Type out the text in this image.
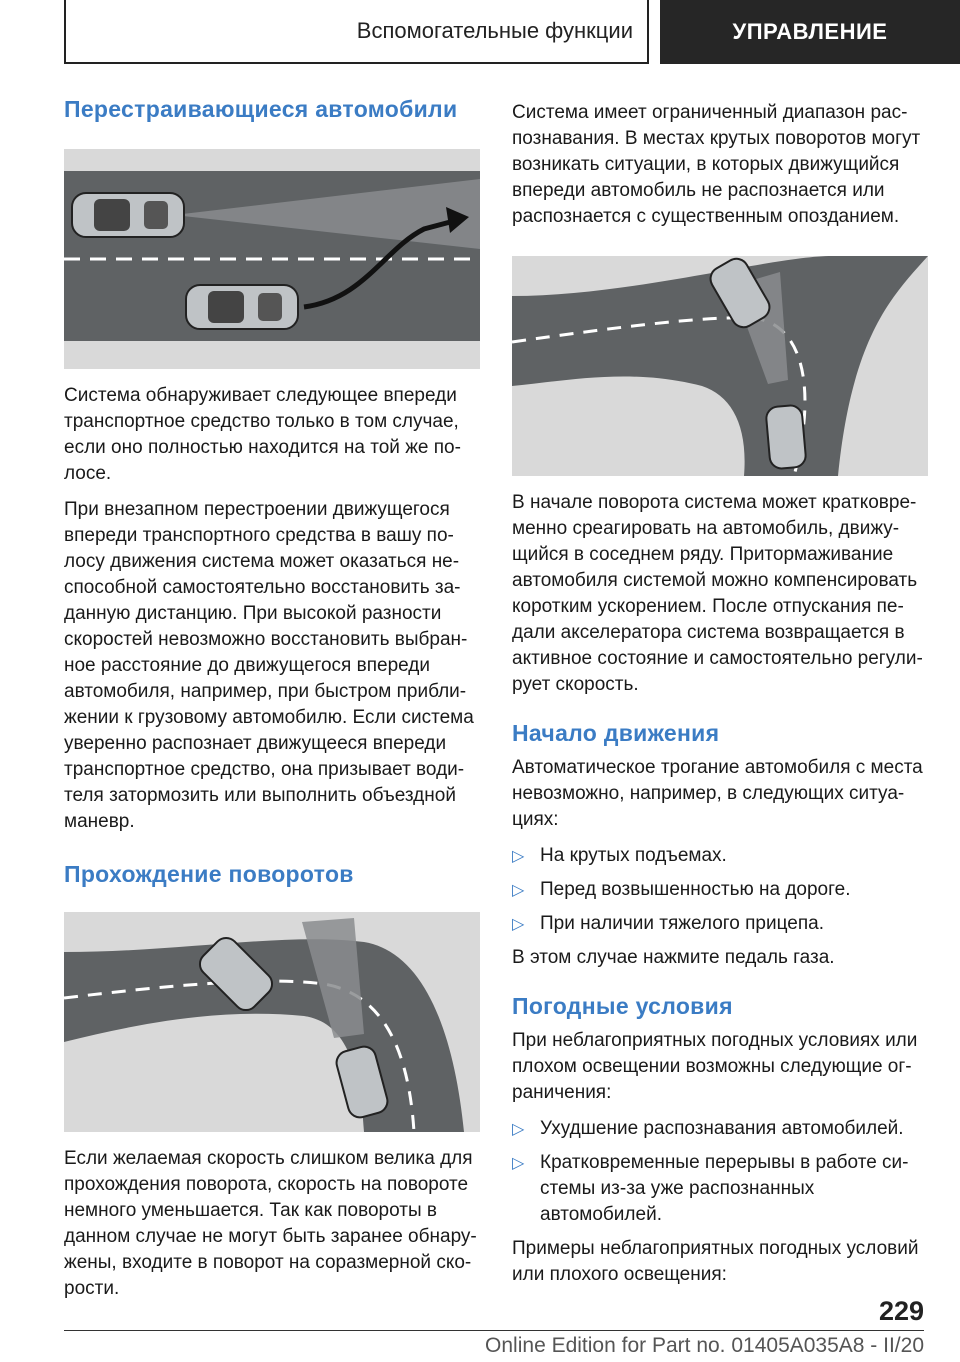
Вспомогательные функции	УПРАВЛЕНИЕ
Перестраивающиеся автомобили

Система обнаруживает следующее впереди транспортное средство только в том случае, если оно полностью находится на той же по-лосе.

При внезапном перестроении движущегося впереди транспортного средства в вашу по-лосу движения система может оказаться не-способной самостоятельно восстановить за-данную дистанцию. При высокой разности скоростей невозможно восстановить выбран-ное расстояние до движущегося впереди автомобиля, например, при быстром прибли-жении к грузовому автомобилю. Если система уверенно распознает движущееся впереди транспортное средство, она призывает води-теля затормозить или выполнить объездной маневр.

Прохождение поворотов

Если желаемая скорость слишком велика для прохождения поворота, скорость на повороте немного уменьшается. Так как повороты в данном случае не могут быть заранее обнару-жены, входите в поворот на соразмерной ско-рости.

Система имеет ограниченный диапазон рас-познавания. В местах крутых поворотов могут возникать ситуации, в которых движущийся впереди автомобиль не распознается или распознается с существенным опозданием.

В начале поворота система может кратковре-менно среагировать на автомобиль, движу-щийся в соседнем ряду. Притормаживание автомобиля системой можно компенсировать коротким ускорением. После отпускания пе-дали акселератора система возвращается в активное состояние и самостоятельно регули-рует скорость.

Начало движения

Автоматическое трогание автомобиля с места невозможно, например, в следующих ситуа-циях:

▷ На крутых подъемах.
▷ Перед возвышенностью на дороге.
▷ При наличии тяжелого прицепа.

В этом случае нажмите педаль газа.

Погодные условия

При неблагоприятных погодных условиях или плохом освещении возможны следующие ог-раничения:

▷ Ухудшение распознавания автомобилей.
▷ Кратковременные перерывы в работе си-стемы из-за уже распознанных автомобилей.

Примеры неблагоприятных погодных условий или плохого освещения:

229
Online Edition for Part no. 01405A035A8 - II/20
